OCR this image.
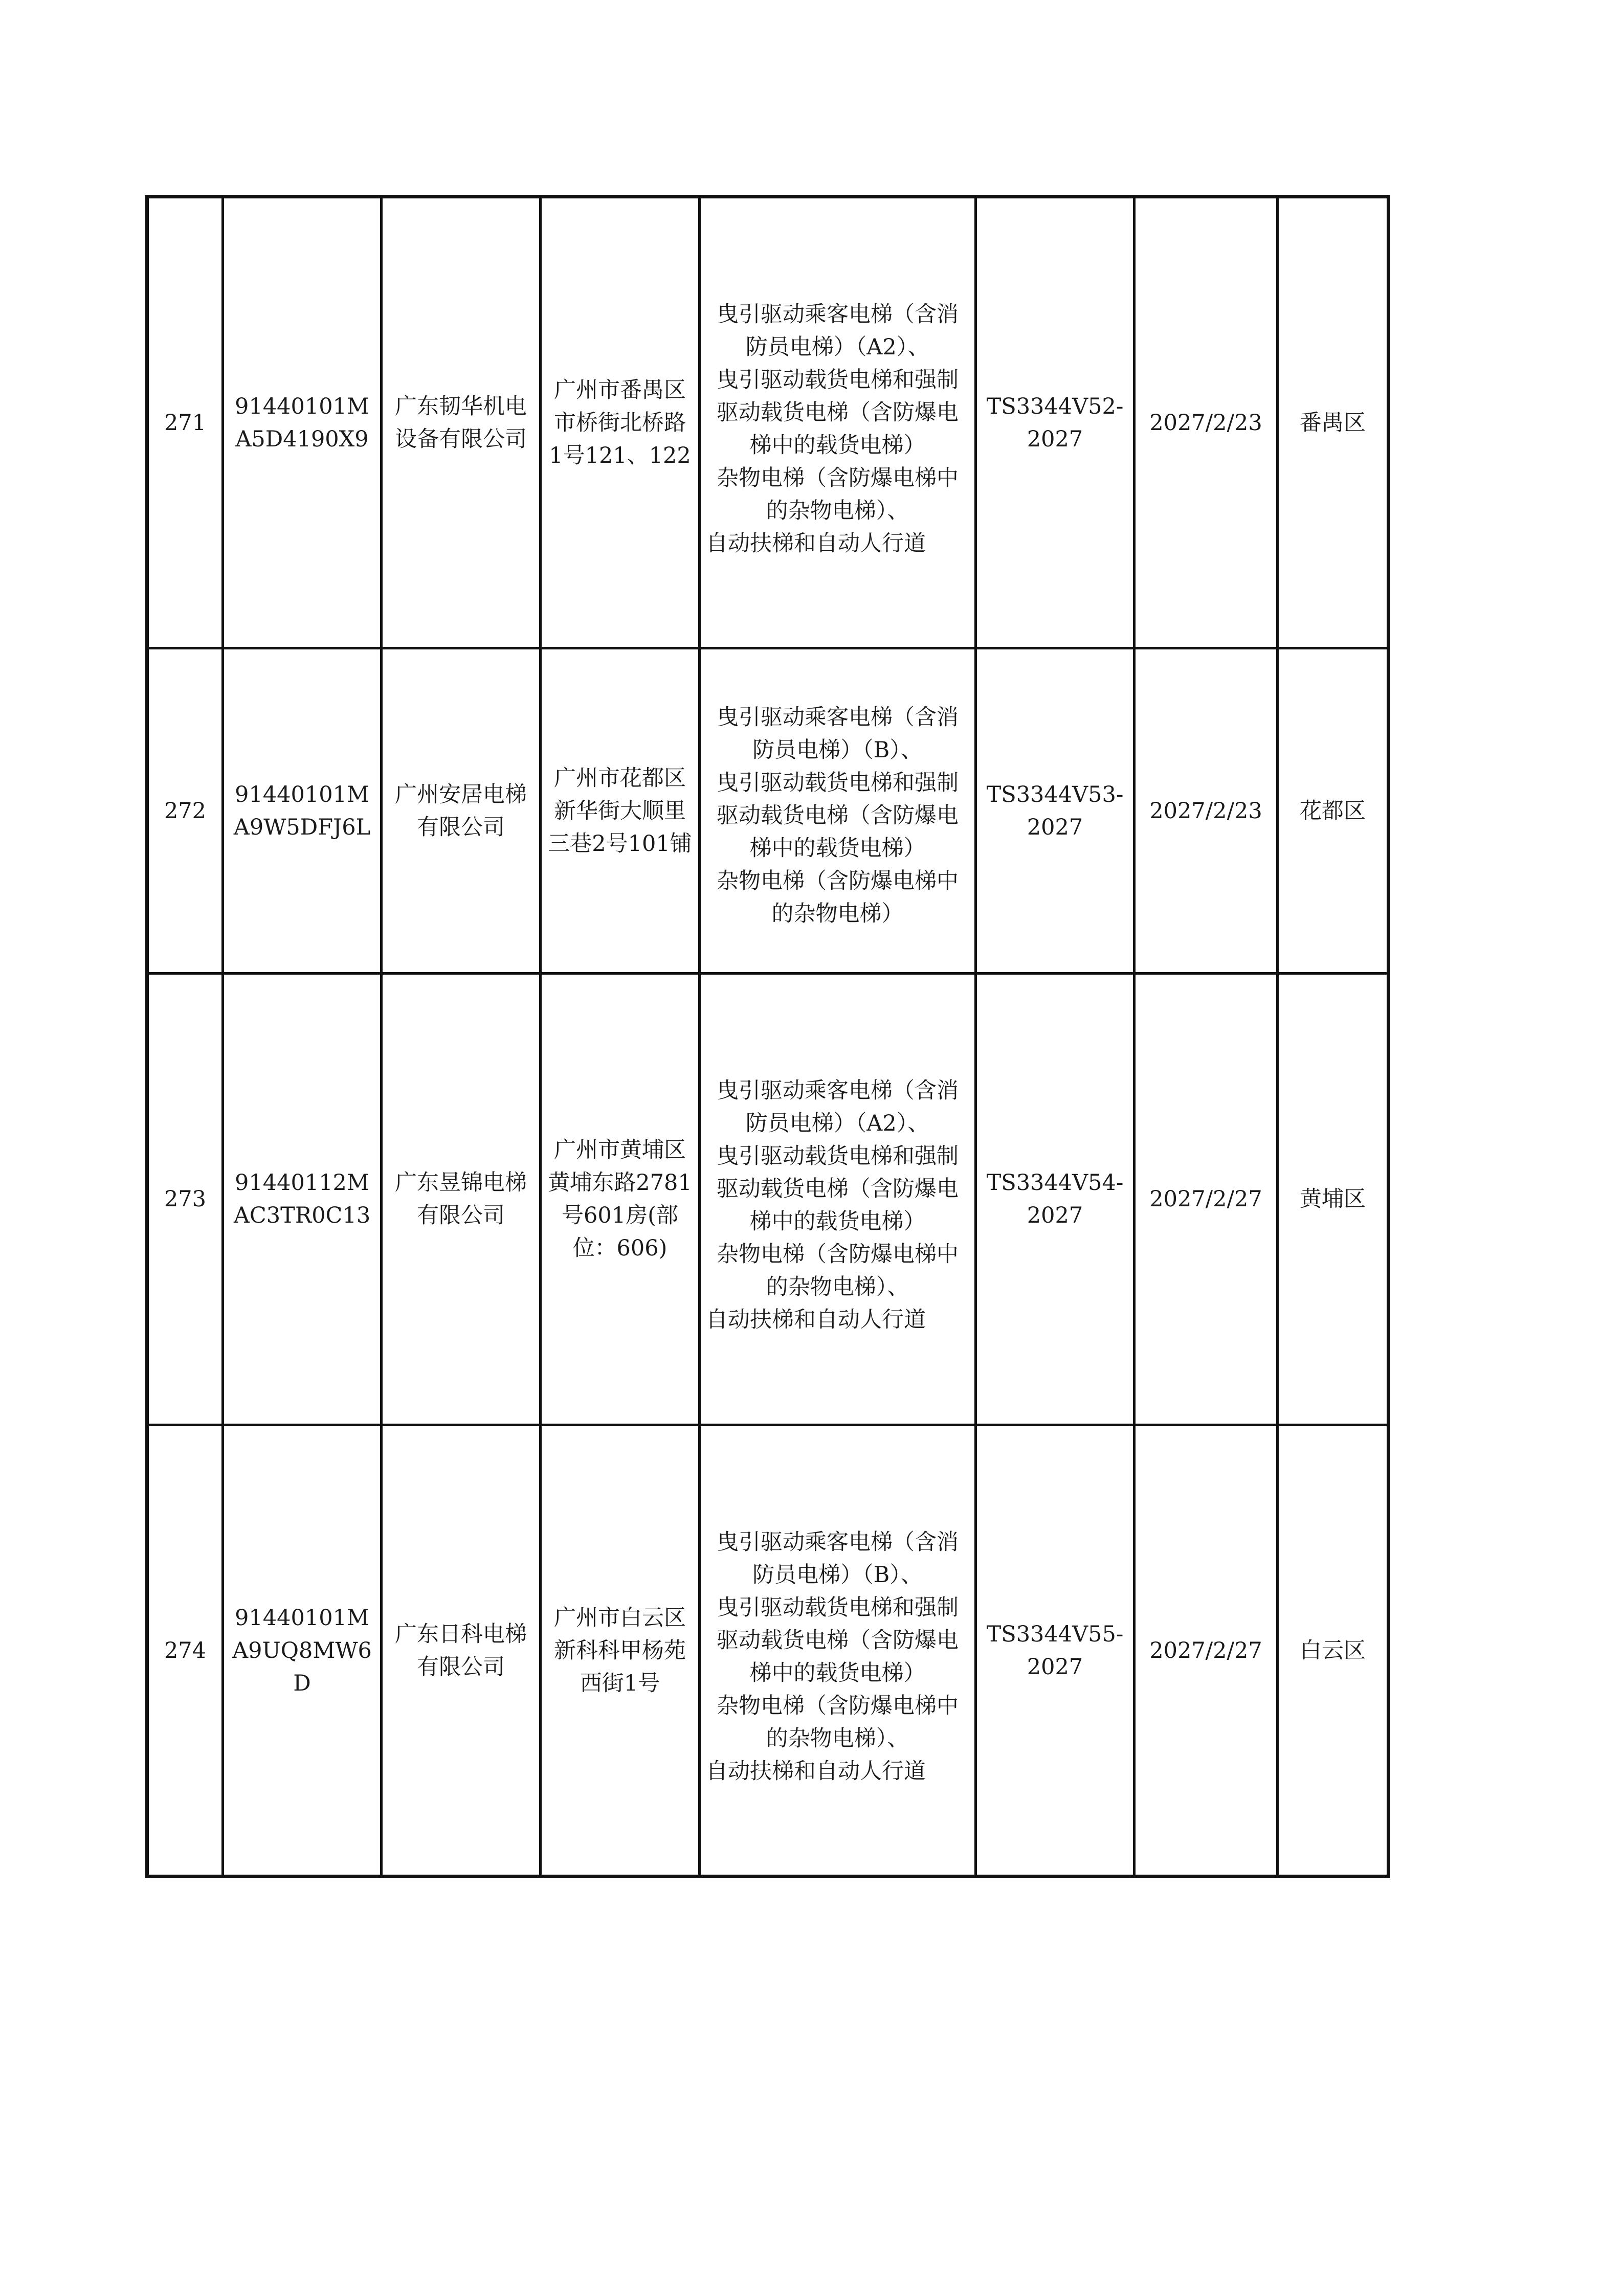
271	91440101MA5D4190X9	广东韧华机电设备有限公司	广州市番禺区市桥街北桥路1号121、122	曳引驱动乘客电梯（含消防员电梯）（A2）、
曳引驱动载货电梯和强制驱动载货电梯（含防爆电梯中的载货电梯）
杂物电梯（含防爆电梯中的杂物电梯）、
自动扶梯和自动人行道	TS3344V52-2027	2027/2/23	番禺区

272	91440101MA9W5DFJ6L	广州安居电梯有限公司	广州市花都区新华街大顺里三巷2号101铺	曳引驱动乘客电梯（含消防员电梯）（B）、
曳引驱动载货电梯和强制驱动载货电梯（含防爆电梯中的载货电梯）
杂物电梯（含防爆电梯中的杂物电梯）	TS3344V53-2027	2027/2/23	花都区

273	91440112MAC3TR0C13	广东昱锦电梯有限公司	广州市黄埔区黄埔东路2781号601房(部位：606)	曳引驱动乘客电梯（含消防员电梯）（A2）、
曳引驱动载货电梯和强制驱动载货电梯（含防爆电梯中的载货电梯）
杂物电梯（含防爆电梯中的杂物电梯）、
自动扶梯和自动人行道	TS3344V54-2027	2027/2/27	黄埔区

274	91440101MA9UQ8MW6D	广东日科电梯有限公司	广州市白云区新科科甲杨苑西街1号	曳引驱动乘客电梯（含消防员电梯）（B）、
曳引驱动载货电梯和强制驱动载货电梯（含防爆电梯中的载货电梯）
杂物电梯（含防爆电梯中的杂物电梯）、
自动扶梯和自动人行道	TS3344V55-2027	2027/2/27	白云区
